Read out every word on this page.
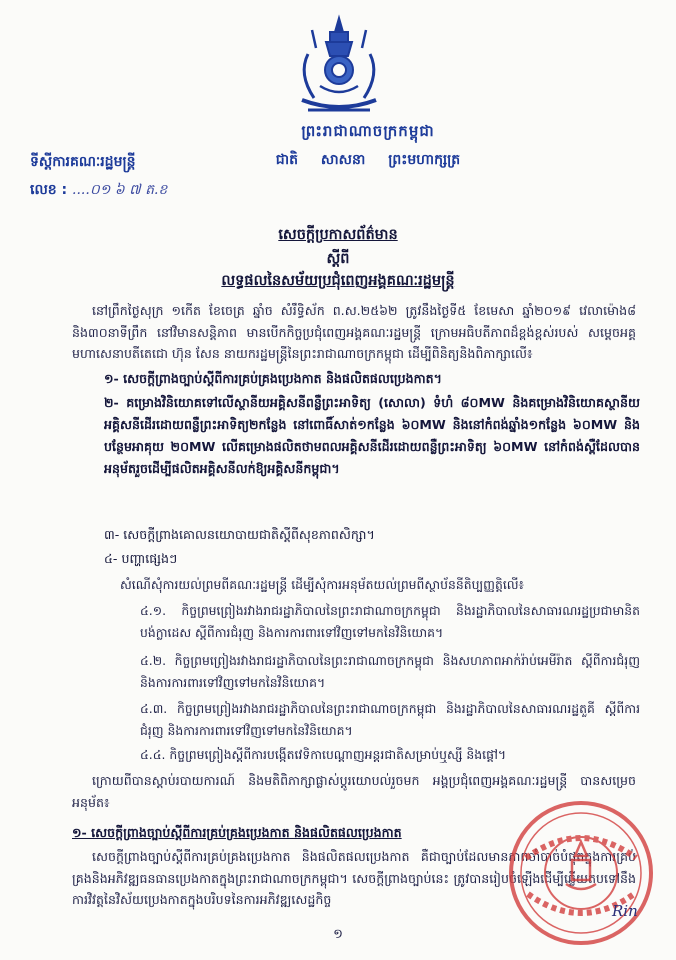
ព្រះរាជាណាចក្រកម្ពុជា
ជាតិ សាសនា ព្រះមហាក្សត្រ
ទីស្ដីការគណៈរដ្ឋមន្ត្រី
លេខ : ....០១ ៦ ៧ ត.ខ
សេចក្ដីប្រកាសព័ត៌មាន
ស្ដីពី
លទ្ធផលនៃសម័យប្រជុំពេញអង្គគណៈរដ្ឋមន្ត្រី
នៅព្រឹកថ្ងៃសុក្រ ១កើត ខែចេត្រ ឆ្នាំច សំរឹទ្ធិស័ក ព.ស.២៥៦២ ត្រូវនឹងថ្ងៃទី៥ ខែមេសា ឆ្នាំ២០១៩ វេលាម៉ោង៨ និង៣០នាទីព្រឹក នៅវិមានសន្តិភាព មានបើកកិច្ចប្រជុំពេញអង្គគណៈរដ្ឋមន្ត្រី ក្រោមអធិបតីភាពដ៏ខ្ពង់ខ្ពស់របស់ សម្ដេចអគ្គមហាសេនាបតីតេជោ ហ៊ុន សែន នាយករដ្ឋមន្ត្រីនៃព្រះរាជាណាចក្រកម្ពុជា ដើម្បីពិនិត្យនិងពិភាក្សាលើ៖
១- សេចក្ដីព្រាងច្បាប់ស្ដីពីការគ្រប់គ្រងប្រេងកាត និងផលិតផលប្រេងកាត។
២- គម្រោងវិនិយោគទៅលើស្ថានីយអគ្គិសនីពន្លឺព្រះអាទិត្យ (សោលា) ទំហំ ៨០MW និងគម្រោងវិនិយោគស្ថានីយអគ្គិសនីដើរដោយពន្លឺព្រះអាទិត្យ២កន្លែង នៅពោធិ៍សាត់១កន្លែង ៦០MW និងនៅកំពង់ឆ្នាំង១កន្លែង ៦០MW និងបន្ថែមអាគុយ ២០MW លើគម្រោងផលិតថាមពលអគ្គិសនីដើរដោយពន្លឺព្រះអាទិត្យ ៦០MW នៅកំពង់ស្ពឺដែលបានអនុម័តរួចដើម្បីផលិតអគ្គិសនីលក់ឱ្យអគ្គិសនីកម្ពុជា។
៣- សេចក្ដីព្រាងគោលនយោបាយជាតិស្ដីពីសុខភាពសិក្សា។
៤- បញ្ហាផ្សេងៗ
សំណើសុំការយល់ព្រមពីគណៈរដ្ឋមន្ត្រី ដើម្បីសុំការអនុម័តយល់ព្រមពីស្ថាប័ននីតិប្បញ្ញត្តិលើ៖
៤.១. កិច្ចព្រមព្រៀងរវាងរាជរដ្ឋាភិបាលនៃព្រះរាជាណាចក្រកម្ពុជា និងរដ្ឋាភិបាលនៃសាធារណរដ្ឋប្រជាមានិតបង់ក្លាដេស ស្ដីពីការជំរុញ និងការការពារទៅវិញទៅមកនៃវិនិយោគ។
៤.២. កិច្ចព្រមព្រៀងរវាងរាជរដ្ឋាភិបាលនៃព្រះរាជាណាចក្រកម្ពុជា និងសហភាពអាក់រ៉ាប់អេមីរ៉ាត ស្ដីពីការជំរុញ និងការការពារទៅវិញទៅមកនៃវិនិយោគ។
៤.៣. កិច្ចព្រមព្រៀងរវាងរាជរដ្ឋាភិបាលនៃព្រះរាជាណាចក្រកម្ពុជា និងរដ្ឋាភិបាលនៃសាធារណរដ្ឋតួគី ស្ដីពីការជំរុញ និងការការពារទៅវិញទៅមកនៃវិនិយោគ។
៤.៤. កិច្ចព្រមព្រៀងស្ដីពីការបង្កើតវេទិកាបេណ្ដាញអន្តរជាតិសម្រាប់ឬស្សី និងផ្ដៅ។
ក្រោយពីបានស្ដាប់របាយការណ៍ និងមតិពិភាក្សាផ្លាស់ប្ដូរយោបល់រួចមក អង្គប្រជុំពេញអង្គគណៈរដ្ឋមន្ត្រី បានសម្រេចអនុម័ត៖
១- សេចក្ដីព្រាងច្បាប់ស្ដីពីការគ្រប់គ្រងប្រេងកាត និងផលិតផលប្រេងកាត
សេចក្ដីព្រាងច្បាប់ស្ដីពីការគ្រប់គ្រងប្រេងកាត និងផលិតផលប្រេងកាត គឺជាច្បាប់ដែលមានភាពចាំបាច់បំផុតក្នុងការគ្រប់គ្រងនិងអភិវឌ្ឍធនធានប្រេងកាតក្នុងព្រះរាជាណាចក្រកម្ពុជា។ សេចក្ដីព្រាងច្បាប់នេះ ត្រូវបានរៀបចំឡើងដើម្បីឆ្លើយតបទៅនឹងការវិវត្តនៃវិស័យប្រេងកាតក្នុងបរិបទនៃការអភិវឌ្ឍសេដ្ឋកិច្ច
Rin
១
